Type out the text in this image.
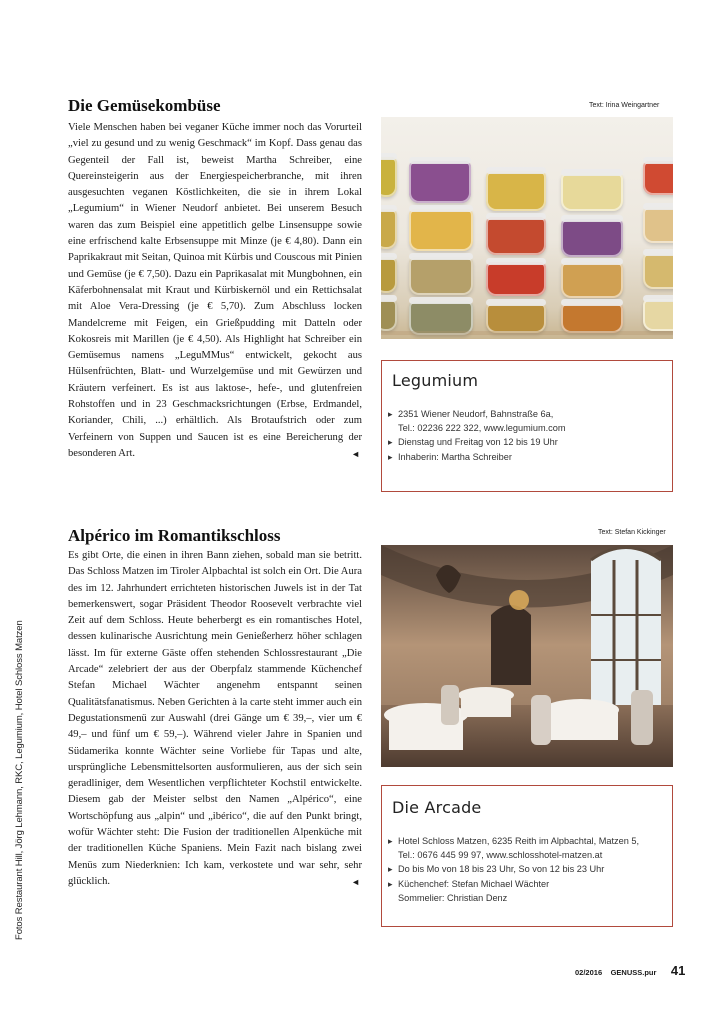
Fotos Restaurant Hill, Jörg Lehmann, RKC, Legumium, Hotel Schloss Matzen
Die Gemüsekombüse	Text: Irina Weingartner
Viele Menschen haben bei veganer Küche immer noch das Vorurteil „viel zu gesund und zu wenig Geschmack“ im Kopf. Dass genau das Gegenteil der Fall ist, beweist Martha Schreiber, eine Quereinsteigerin aus der Energiespeicherbranche, mit ihren ausgesuchten veganen Köstlichkeiten, die sie in ihrem Lokal „Legumium“ in Wiener Neudorf anbietet. Bei unserem Besuch waren das zum Beispiel eine appetitlich gelbe Linsensuppe sowie eine erfrischend kalte Erbsensuppe mit Minze (je € 4,80). Dann ein Paprikakraut mit Seitan, Quinoa mit Kürbis und Couscous mit Pinien und Gemüse (je € 7,50). Dazu ein Paprikasalat mit Mungbohnen, ein Käferbohnensalat mit Kraut und Kürbiskernöl und ein Rettichsalat mit Aloe Vera-Dressing (je € 5,70). Zum Abschluss locken Mandelcreme mit Feigen, ein Grießpudding mit Datteln oder Kokosreis mit Marillen (je € 4,50). Als Highlight hat Schreiber ein Gemüsemus namens „LeguMMus“ entwickelt, gekocht aus Hülsenfrüchten, Blatt- und Wurzelgemüse und mit Gewürzen und Kräutern verfeinert. Es ist aus laktose-, hefe-, und glutenfreien Rohstoffen und in 23 Geschmacksrichtungen (Erbse, Erdmandel, Koriander, Chili, ...) erhältlich. Als Brotaufstrich oder zum Verfeinern von Suppen und Saucen ist es eine Bereicherung der besonderen Art.	◄
Legumium
▸ 2351 Wiener Neudorf, Bahnstraße 6a,
Tel.: 02236 222 322, www.legumium.com
▸ Dienstag und Freitag von 12 bis 19 Uhr
▸ Inhaberin: Martha Schreiber
Alpérico im Romantikschloss	Text: Stefan Kickinger
Es gibt Orte, die einen in ihren Bann ziehen, sobald man sie betritt. Das Schloss Matzen im Tiroler Alpbachtal ist solch ein Ort. Die Aura des im 12. Jahrhundert errichteten historischen Juwels ist in der Tat bemerkenswert, sogar Präsident Theodor Roosevelt verbrachte viel Zeit auf dem Schloss. Heute beherbergt es ein romantisches Hotel, dessen kulinarische Ausrichtung mein Genießerherz höher schlagen lässt. Im für externe Gäste offen stehenden Schlossrestaurant „Die Arcade“ zelebriert der aus der Oberpfalz stammende Küchenchef Stefan Michael Wächter angenehm entspannt seinen Qualitätsfanatismus. Neben Gerichten à la carte steht immer auch ein Degustationsmenü zur Auswahl (drei Gänge um € 39,–, vier um € 49,– und fünf um € 59,–). Während vieler Jahre in Spanien und Südamerika konnte Wächter seine Vorliebe für Tapas und alte, ursprüngliche Lebensmittelsorten ausformulieren, aus der sich sein geradliniger, dem Wesentlichen verpflichteter Kochstil entwickelte. Diesem gab der Meister selbst den Namen „Alpérico“, eine Wortschöpfung aus „alpin“ und „ibérico“, die auf den Punkt bringt, wofür Wächter steht: Die Fusion der traditionellen Alpenküche mit der traditionellen Küche Spaniens. Mein Fazit nach bislang zwei Menüs zum Niederknien: Ich kam, verkostete und war sehr, sehr glücklich.	◄
Die Arcade
▸ Hotel Schloss Matzen, 6235 Reith im Alpbachtal, Matzen 5,
Tel.: 0676 445 99 97, www.schlosshotel-matzen.at
▸ Do bis Mo von 18 bis 23 Uhr, So von 12 bis 23 Uhr
▸ Küchenchef: Stefan Michael Wächter
Sommelier: Christian Denz
02/2016 GENUSS.pur 41
